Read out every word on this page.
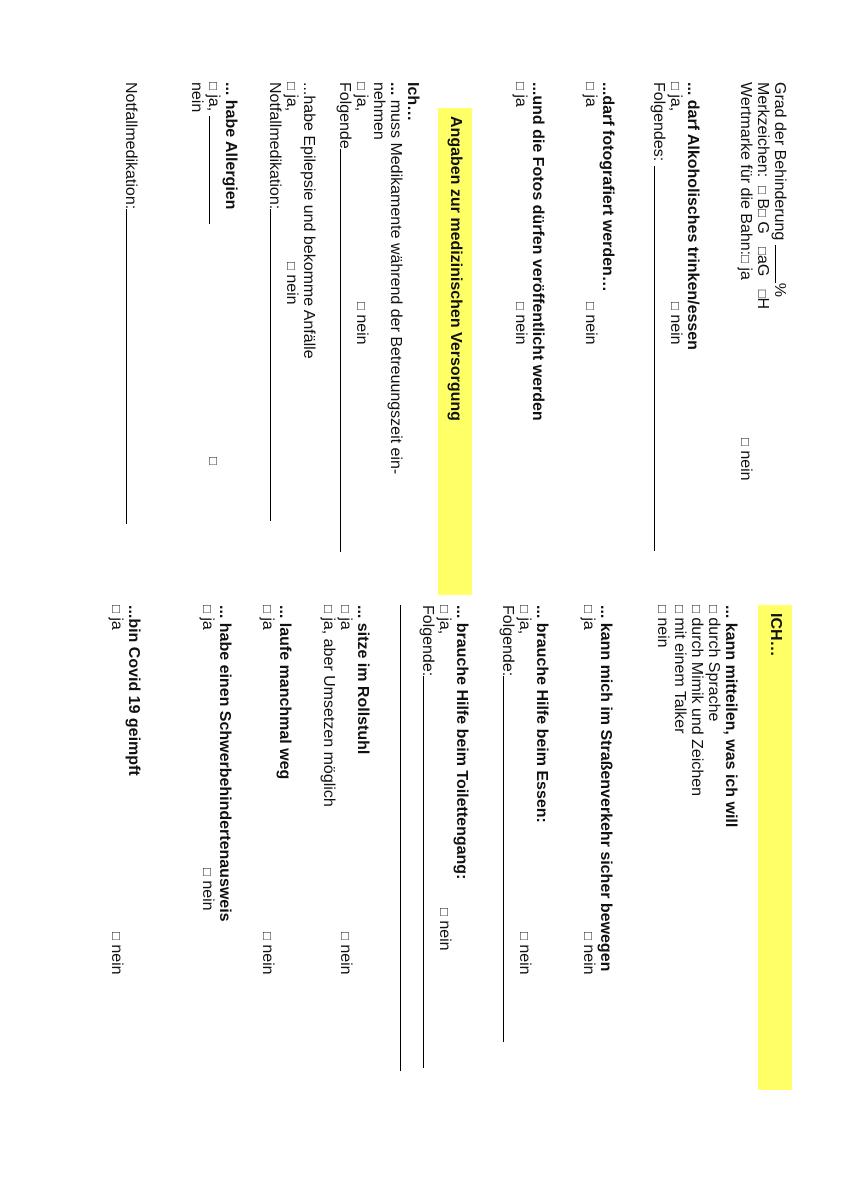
Grad der Behinderung %
Merkzeichen:  □ B□ G   □aG   □H
Wertmarke für die Bahn:□ ja
□ nein
... darf Alkoholisches trinken/essen
□ ja,
□ nein
Folgendes:
...darf fotografiert werden…
□ ja
□ nein
...und die Fotos dürfen veröffentlicht werden
□ ja
□ nein
Angaben zur medizinischen Versorgung
Ich…
... muss Medikamente während der Betreuungszeit ein-
nehmen
□ ja,
□ nein
Folgende
...habe Epilepsie und bekomme Anfälle
□ ja,
□ nein
Notfallmedikation:
... habe Allergien
□ ja,
□
nein
Notfallmedikation:
ICH…
... kann mitteilen, was ich will
□ durch Sprache
□ durch Mimik und Zeichen
□ mit einem Talker
□ nein
... kann mich im Straßenverkehr sicher bewegen
□ ja
□ nein
... brauche Hilfe beim Essen:
□ ja,
□ nein
Folgende:
... brauche Hilfe beim Toilettengang:
□ ja,
□ nein
Folgende:
... sitze im Rollstuhl
□ ja
□ nein
□ ja, aber Umsetzen möglich
... laufe manchmal weg
□ ja
□ nein
... habe einen Schwerbehindertenausweis
□ ja
□ nein
...bin Covid 19 geimpft
□ ja
□ nein
